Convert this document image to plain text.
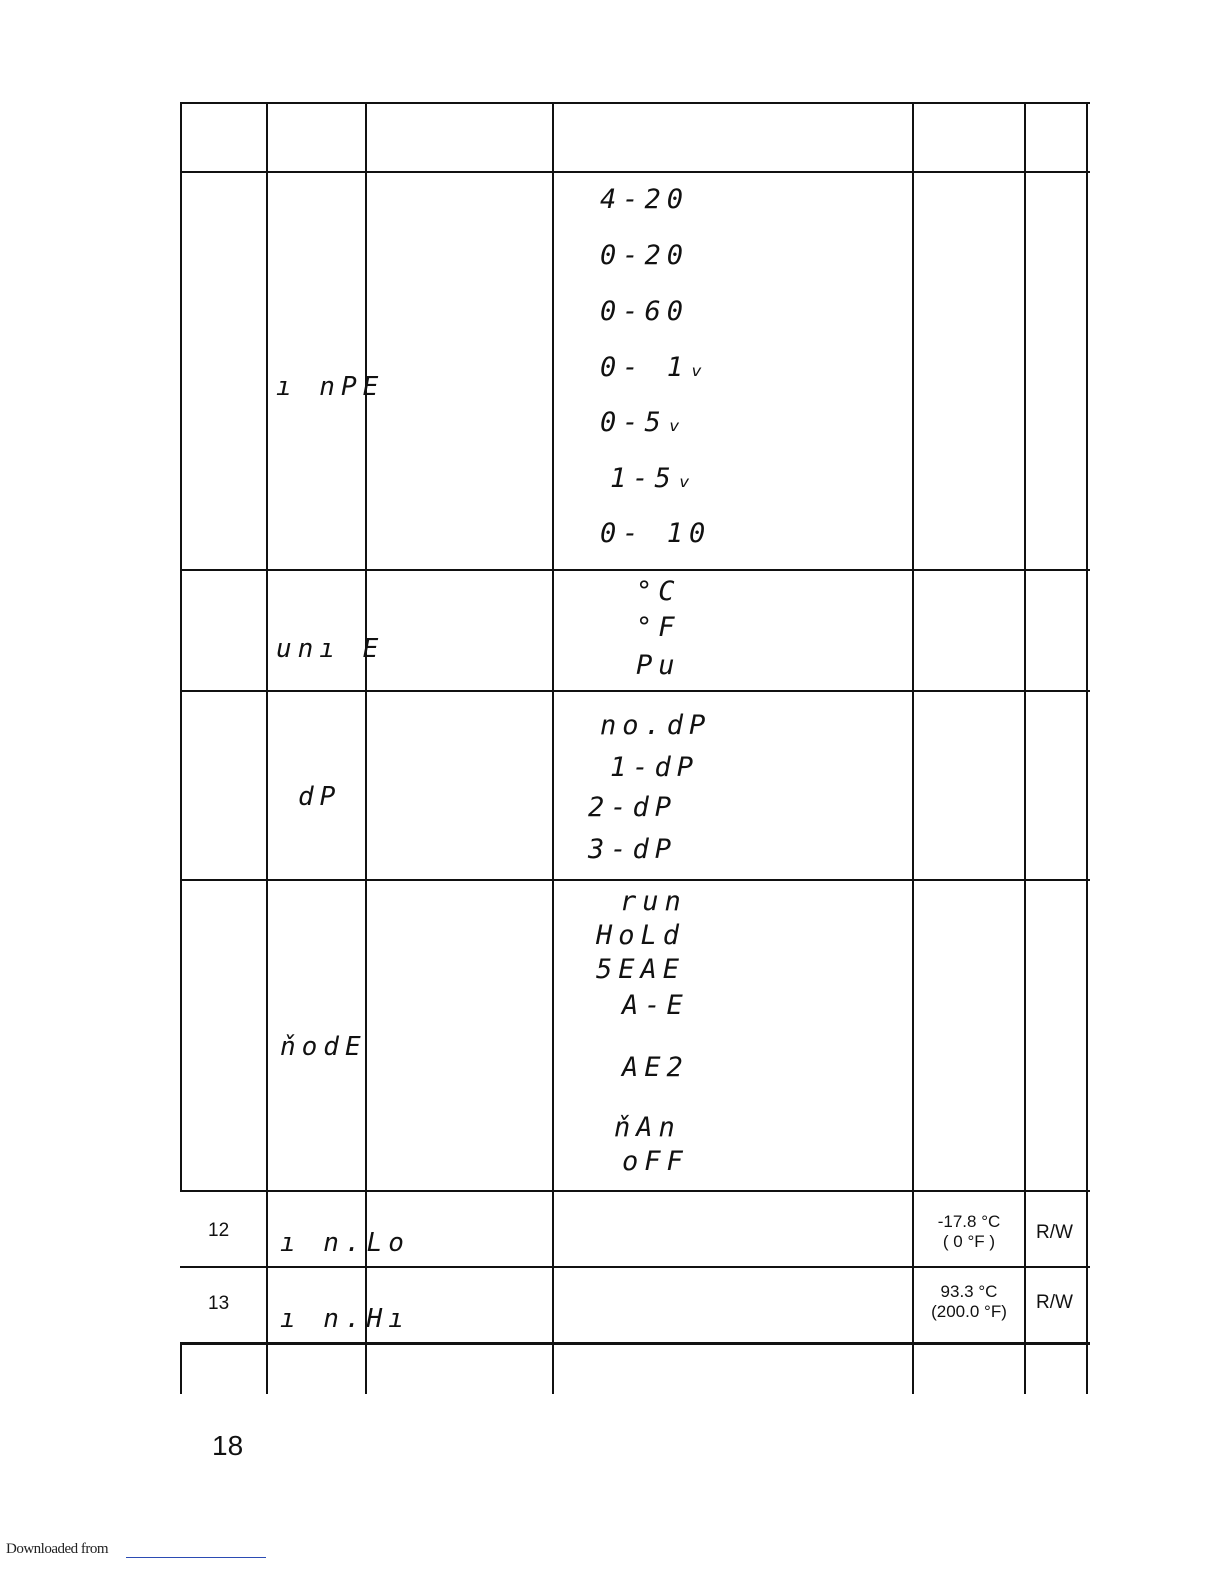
ı nPE
4-20
0-20
0-60
0- 1ᵥ
0-5ᵥ
1-5ᵥ
0- 10
unı E
°C
°F
Pu
dP
no.dP
1-dP
2-dP
3-dP
ňodE
run
HoLd
5EAE
A-E
AE2
ňAn
oFF
12 ı n.Lo
-17.8 °C
( 0 °F )	R/W
13
ı n.Hı
93.3 °C
(200.0 °F)	R/W
18
Downloaded from
